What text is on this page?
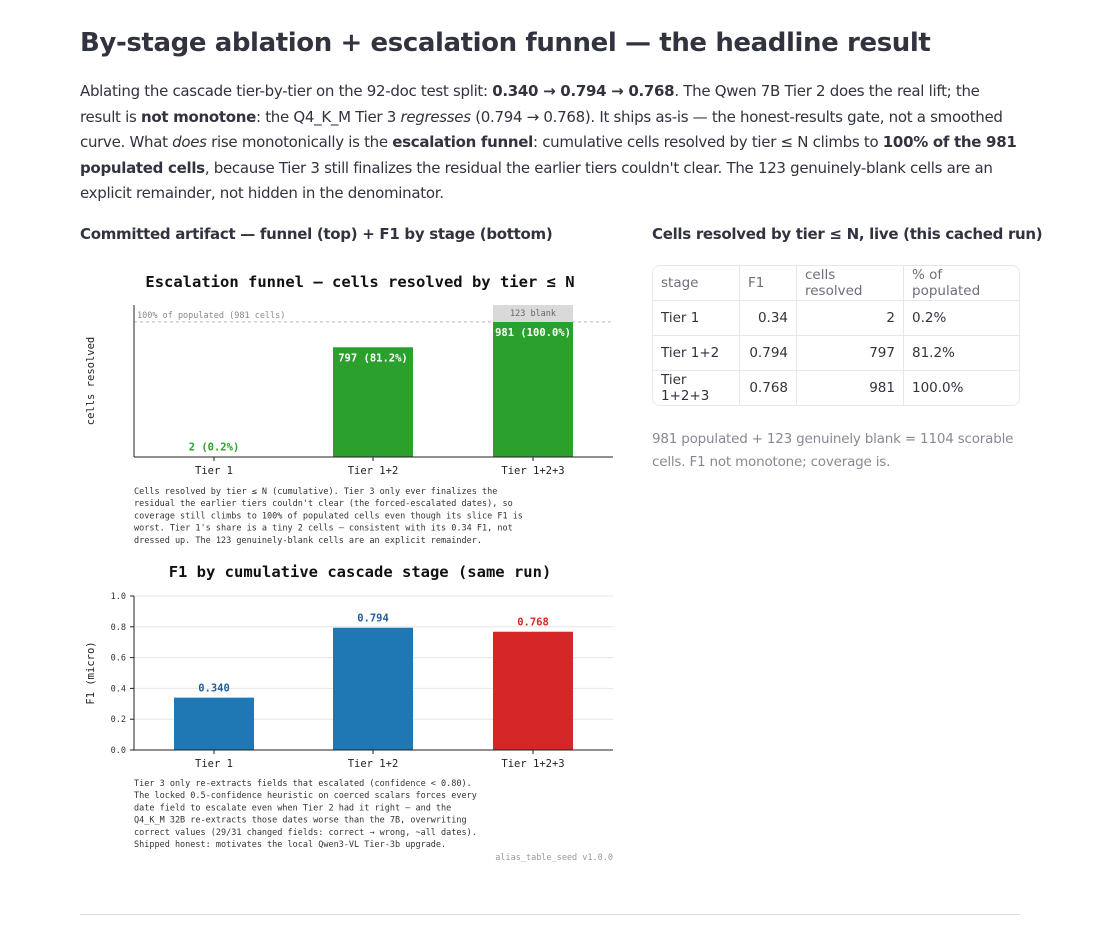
By-stage ablation + escalation funnel — the headline result

Ablating the cascade tier-by-tier on the 92-doc test split: 0.340 → 0.794 → 0.768. The Qwen 7B Tier 2 does the real lift; the result is not monotone: the Q4_K_M Tier 3 regresses (0.794 → 0.768). It ships as-is — the honest-results gate, not a smoothed curve. What does rise monotonically is the escalation funnel: cumulative cells resolved by tier ≤ N climbs to 100% of the 981 populated cells, because Tier 3 still finalizes the residual the earlier tiers couldn't clear. The 123 genuinely-blank cells are an explicit remainder, not hidden in the denominator.

Committed artifact — funnel (top) + F1 by stage (bottom)
Escalation funnel — cells resolved by tier ≤ N
cells resolved
100% of populated (981 cells)
2 (0.2%)
797 (81.2%)
981 (100.0%)
123 blank
Tier 1	Tier 1+2	Tier 1+2+3
Cells resolved by tier ≤ N (cumulative). Tier 3 only ever finalizes the
residual the earlier tiers couldn't clear (the forced-escalated dates), so
coverage still climbs to 100% of populated cells even though its slice F1 is
worst. Tier 1's share is a tiny 2 cells — consistent with its 0.34 F1, not
dressed up. The 123 genuinely-blank cells are an explicit remainder.
F1 by cumulative cascade stage (same run)
F1 (micro)
0.0
0.2
0.4
0.6
0.8
1.0
0.340
0.794	0.768
Tier 1	Tier 1+2	Tier 1+2+3
Tier 3 only re-extracts fields that escalated (confidence < 0.80).
The locked 0.5-confidence heuristic on coerced scalars forces every
date field to escalate even when Tier 2 had it right — and the
Q4_K_M 32B re-extracts those dates worse than the 7B, overwriting
correct values (29/31 changed fields: correct → wrong, ~all dates).
Shipped honest: motivates the local Qwen3-VL Tier-3b upgrade.
alias_table_seed v1.0.0
Cells resolved by tier ≤ N, live (this cached run)
stage	F1	cells resolved	% of populated
Tier 1	0.34	2	0.2%
Tier 1+2	0.794	797	81.2%
Tier 1+2+3	0.768	981	100.0%

981 populated + 123 genuinely blank = 1104 scorable cells. F1 not monotone; coverage is.
